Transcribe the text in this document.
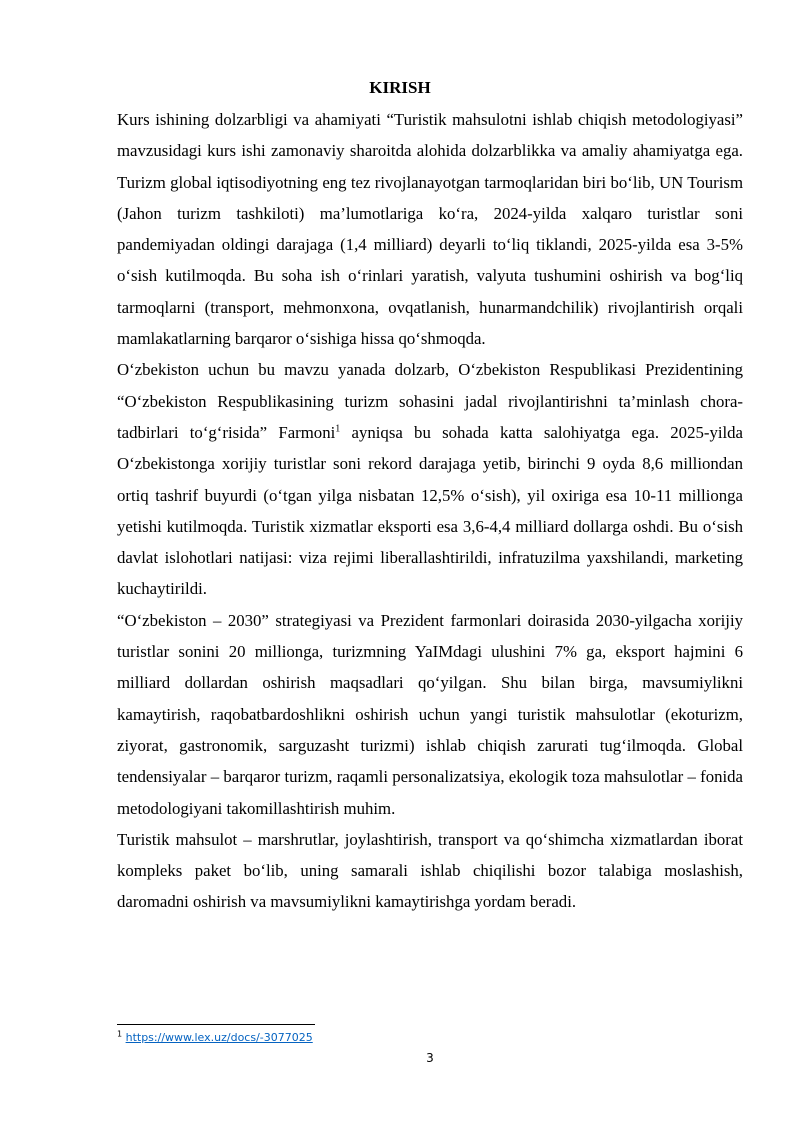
KIRISH

Kurs ishining dolzarbligi va ahamiyati “Turistik mahsulotni ishlab chiqish metodologiyasi” mavzusidagi kurs ishi zamonaviy sharoitda alohida dolzarblikka va amaliy ahamiyatga ega. Turizm global iqtisodiyotning eng tez rivojlanayotgan tarmoqlaridan biri bo‘lib, UN Tourism (Jahon turizm tashkiloti) ma’lumotlariga ko‘ra, 2024-yilda xalqaro turistlar soni pandemiyadan oldingi darajaga (1,4 milliard) deyarli to‘liq tiklandi, 2025-yilda esa 3-5% o‘sish kutilmoqda. Bu soha ish o‘rinlari yaratish, valyuta tushumini oshirish va bog‘liq tarmoqlarni (transport, mehmonxona, ovqatlanish, hunarmandchilik) rivojlantirish orqali mamlakatlarning barqaror o‘sishiga hissa qo‘shmoqda.

O‘zbekiston uchun bu mavzu yanada dolzarb, O‘zbekiston Respublikasi Prezidentining “O‘zbekiston Respublikasining turizm sohasini jadal rivojlantirishni ta’minlash chora-tadbirlari to‘g‘risida” Farmoni$^1$ ayniqsa bu sohada katta salohiyatga ega. 2025-yilda O‘zbekistonga xorijiy turistlar soni rekord darajaga yetib, birinchi 9 oyda 8,6 milliondan ortiq tashrif buyurdi (o‘tgan yilga nisbatan 12,5% o‘sish), yil oxiriga esa 10-11 millionga yetishi kutilmoqda. Turistik xizmatlar eksporti esa 3,6-4,4 milliard dollarga oshdi. Bu o‘sish davlat islohotlari natijasi: viza rejimi liberallashtirildi, infratuzilma yaxshilandi, marketing kuchaytirildi.

“O‘zbekiston – 2030” strategiyasi va Prezident farmonlari doirasida 2030-yilgacha xorijiy turistlar sonini 20 millionga, turizmning YaIMdagi ulushini 7% ga, eksport hajmini 6 milliard dollardan oshirish maqsadlari qo‘yilgan. Shu bilan birga, mavsumiylikni kamaytirish, raqobatbardoshlikni oshirish uchun yangi turistik mahsulotlar (ekoturizm, ziyorat, gastronomik, sarguzasht turizmi) ishlab chiqish zarurati tug‘ilmoqda. Global tendensiyalar – barqaror turizm, raqamli personalizatsiya, ekologik toza mahsulotlar – fonida metodologiyani takomillashtirish muhim.

Turistik mahsulot – marshrutlar, joylashtirish, transport va qo‘shimcha xizmatlardan iborat kompleks paket bo‘lib, uning samarali ishlab chiqilishi bozor talabiga moslashish, daromadni oshirish va mavsumiylikni kamaytirishga yordam beradi.

$^1$ https://www.lex.uz/docs/-3077025
3
